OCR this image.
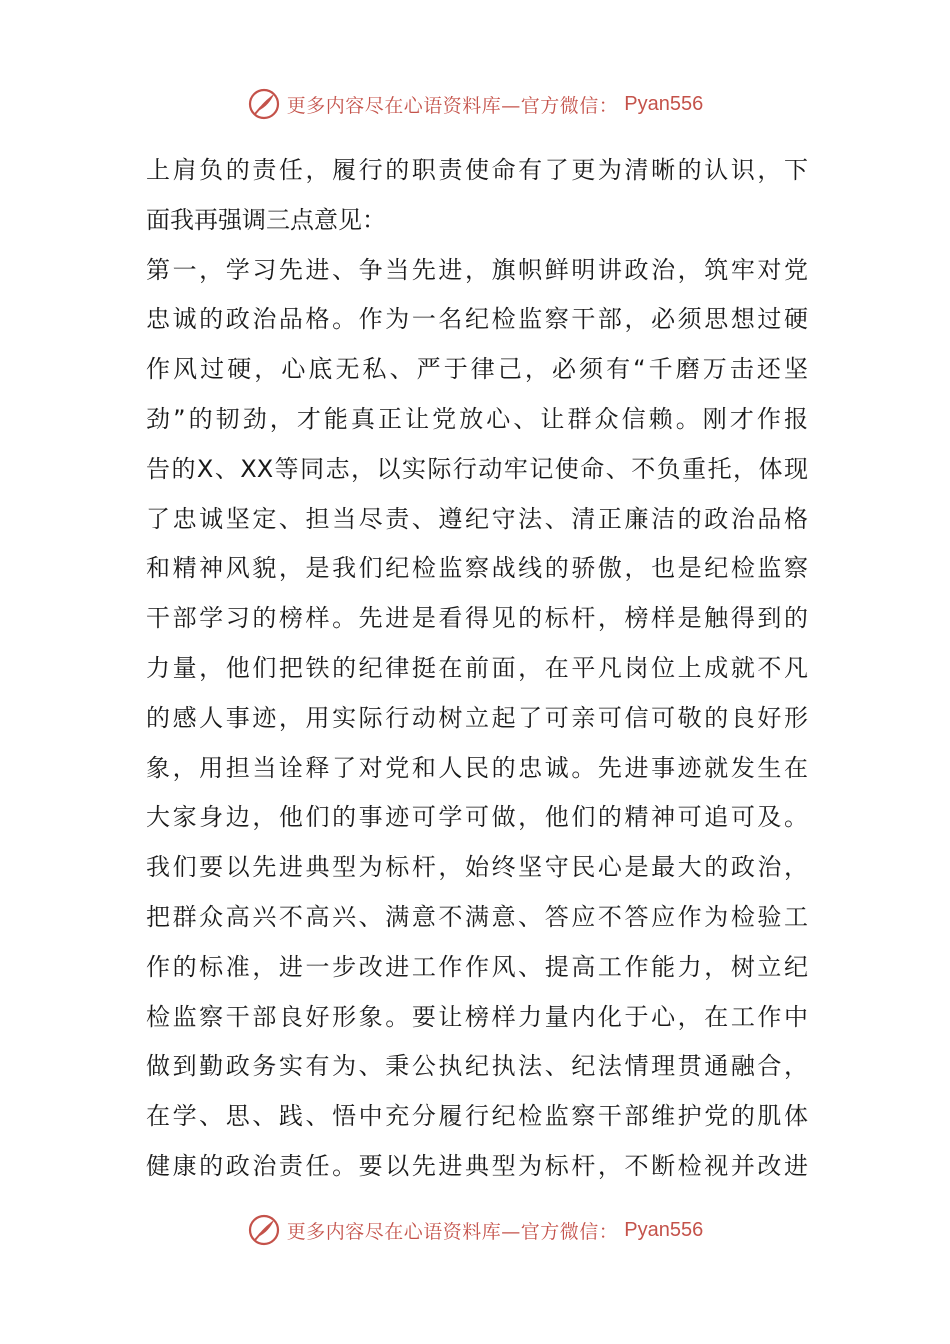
更多内容尽在心语资料库—官方微信： Pyan556
上肩负的责任，履行的职责使命有了更为清晰的认识，下
面我再强调三点意见：
第一，学习先进、争当先进，旗帜鲜明讲政治，筑牢对党
忠诚的政治品格。作为一名纪检监察干部，必须思想过硬
作风过硬，心底无私、严于律己，必须有“千磨万击还坚
劲”的韧劲，才能真正让党放心、让群众信赖。刚才作报
告的X、XX等同志，以实际行动牢记使命、不负重托，体现
了忠诚坚定、担当尽责、遵纪守法、清正廉洁的政治品格
和精神风貌，是我们纪检监察战线的骄傲，也是纪检监察
干部学习的榜样。先进是看得见的标杆，榜样是触得到的
力量，他们把铁的纪律挺在前面，在平凡岗位上成就不凡
的感人事迹，用实际行动树立起了可亲可信可敬的良好形
象，用担当诠释了对党和人民的忠诚。先进事迹就发生在
大家身边，他们的事迹可学可做，他们的精神可追可及。
我们要以先进典型为标杆，始终坚守民心是最大的政治，
把群众高兴不高兴、满意不满意、答应不答应作为检验工
作的标准，进一步改进工作作风、提高工作能力，树立纪
检监察干部良好形象。要让榜样力量内化于心，在工作中
做到勤政务实有为、秉公执纪执法、纪法情理贯通融合，
在学、思、践、悟中充分履行纪检监察干部维护党的肌体
健康的政治责任。要以先进典型为标杆，不断检视并改进
更多内容尽在心语资料库—官方微信： Pyan556
